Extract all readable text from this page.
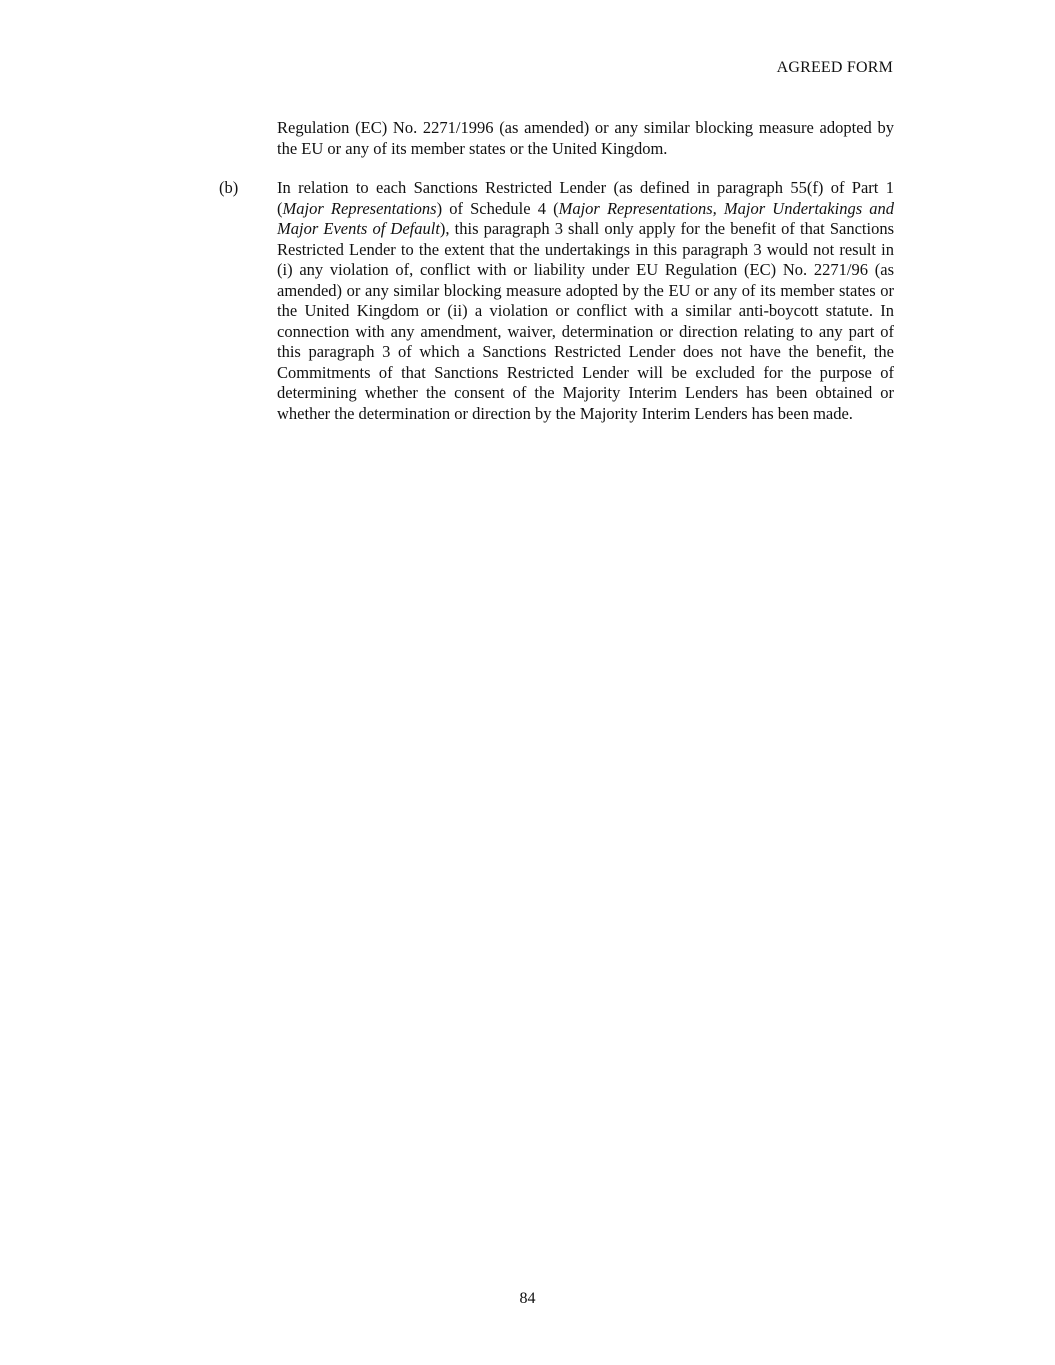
AGREED FORM

Regulation (EC) No. 2271/1996 (as amended) or any similar blocking measure adopted by the EU or any of its member states or the United Kingdom.

(b) In relation to each Sanctions Restricted Lender (as defined in paragraph 55(f) of Part 1 (Major Representations) of Schedule 4 (Major Representations, Major Undertakings and Major Events of Default), this paragraph 3 shall only apply for the benefit of that Sanctions Restricted Lender to the extent that the undertakings in this paragraph 3 would not result in (i) any violation of, conflict with or liability under EU Regulation (EC) No. 2271/96 (as amended) or any similar blocking measure adopted by the EU or any of its member states or the United Kingdom or (ii) a violation or conflict with a similar anti-boycott statute. In connection with any amendment, waiver, determination or direction relating to any part of this paragraph 3 of which a Sanctions Restricted Lender does not have the benefit, the Commitments of that Sanctions Restricted Lender will be excluded for the purpose of determining whether the consent of the Majority Interim Lenders has been obtained or whether the determination or direction by the Majority Interim Lenders has been made.

84
